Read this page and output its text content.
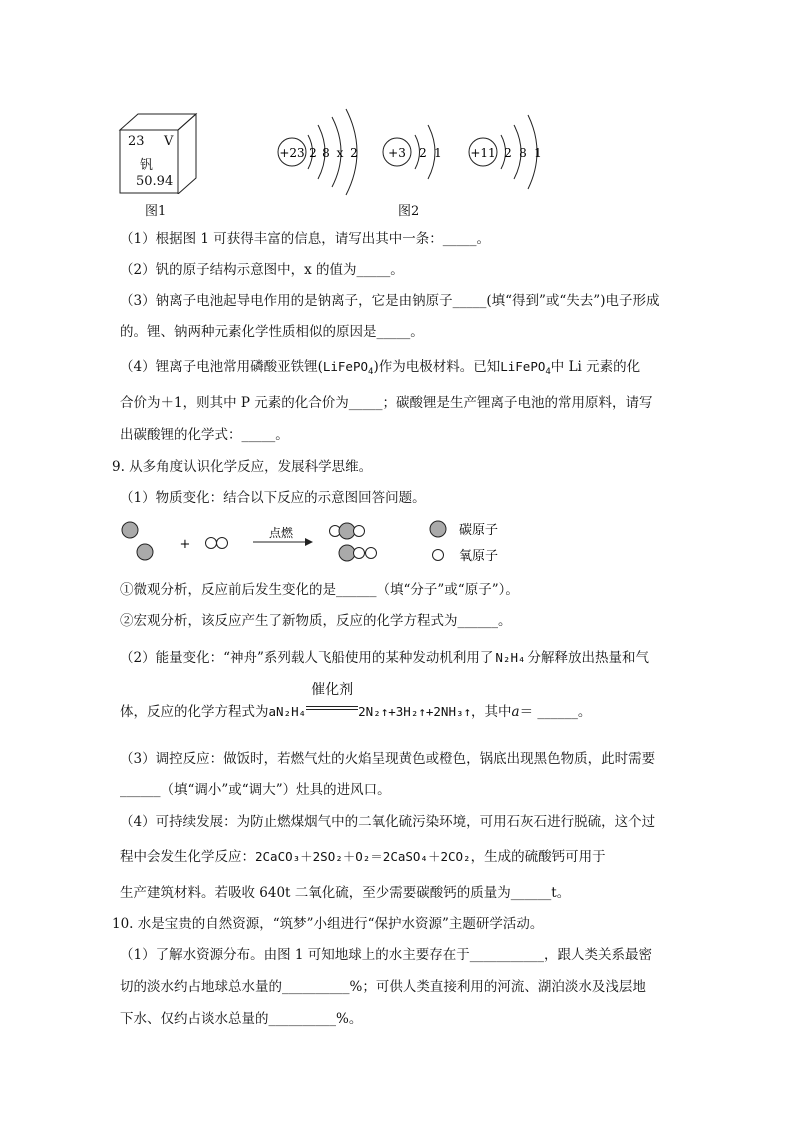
23 V
钒
50.94
图1
+23 2 8 x 2	+3 2 1 +11 2 8 1
图2
（1）根据图 1 可获得丰富的信息，请写出其中一条：_____。
（2）钒的原子结构示意图中，x 的值为_____。
（3）钠离子电池起导电作用的是钠离子，它是由钠原子_____(填“得到”或“失去”)电子形成
的。锂、钠两种元素化学性质相似的原因是_____。
（4）锂离子电池常用磷酸亚铁锂(LiFePO$_4$)作为电极材料。已知LiFePO$_4$中 Li 元素的化
合价为＋1，则其中 P 元素的化合价为_____；碳酸锂是生产锂离子电池的常用原料，请写
出碳酸锂的化学式：_____。
9. 从多角度认识化学反应，发展科学思维。
（1）物质变化：结合以下反应的示意图回答问题。
+
点燃	碳原子
氧原子
①微观分析，反应前后发生变化的是______（填“分子”或“原子”）。
②宏观分析，该反应产生了新物质，反应的化学方程式为______。
（2）能量变化：“神舟”系列载人飞船使用的某种发动机利用了 N₂H₄ 分解释放出热量和气
体，反应的化学方程式为aN₂H₄
催化剂
2N₂↑+3H₂↑+2NH₃↑，其中a＝ ______。
（3）调控反应：做饭时，若燃气灶的火焰呈现黄色或橙色，锅底出现黑色物质，此时需要
______（填“调小”或“调大”）灶具的进风口。
（4）可持续发展：为防止燃煤烟气中的二氧化硫污染环境，可用石灰石进行脱硫，这个过
程中会发生化学反应：2CaCO₃＋2SO₂＋O₂＝2CaSO₄＋2CO₂，生成的硫酸钙可用于
生产建筑材料。若吸收 640t 二氧化硫，至少需要碳酸钙的质量为______t。
10. 水是宝贵的自然资源，“筑梦”小组进行“保护水资源”主题研学活动。
（1）了解水资源分布。由图 1 可知地球上的水主要存在于___________，跟人类关系最密
切的淡水约占地球总水量的__________%；可供人类直接利用的河流、湖泊淡水及浅层地
下水、仅约占谈水总量的__________%。
